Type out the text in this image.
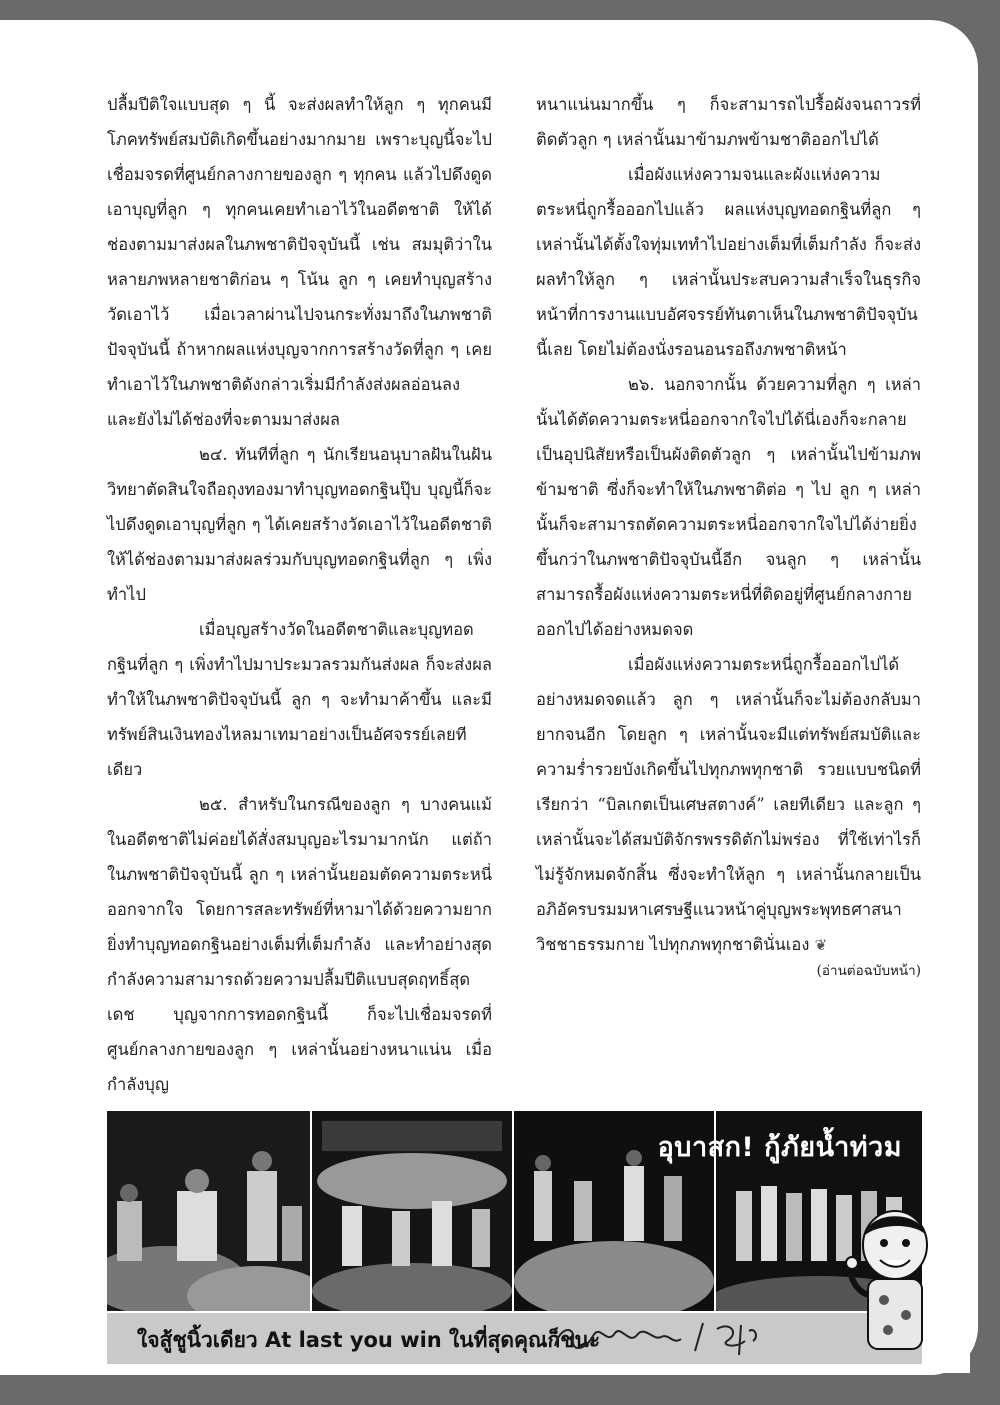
ปลื้มปีติใจแบบสุด ๆ นี้ จะส่งผลทำให้ลูก ๆ ทุกคนมีโภคทรัพย์สมบัติเกิดขึ้นอย่างมากมาย เพราะบุญนี้จะไปเชื่อมจรดที่ศูนย์กลางกายของลูก ๆ ทุกคน แล้วไปดึงดูดเอาบุญที่ลูก ๆ ทุกคนเคยทำเอาไว้ในอดีตชาติ ให้ได้ช่องตามมาส่งผลในภพชาติปัจจุบันนี้ เช่น สมมุติว่าในหลายภพหลายชาติก่อน ๆ โน้น ลูก ๆ เคยทำบุญสร้างวัดเอาไว้ เมื่อเวลาผ่านไปจนกระทั่งมาถึงในภพชาติปัจจุบันนี้ ถ้าหากผลแห่งบุญจากการสร้างวัดที่ลูก ๆ เคยทำเอาไว้ในภพชาติดังกล่าวเริ่มมีกำลังส่งผลอ่อนลง และยังไม่ได้ช่องที่จะตามมาส่งผล

๒๔. ทันทีที่ลูก ๆ นักเรียนอนุบาลฝันในฝันวิทยาตัดสินใจถือถุงทองมาทำบุญทอดกฐินปุ๊บ บุญนี้ก็จะไปดึงดูดเอาบุญที่ลูก ๆ ได้เคยสร้างวัดเอาไว้ในอดีตชาติ ให้ได้ช่องตามมาส่งผลร่วมกับบุญทอดกฐินที่ลูก ๆ เพิ่งทำไป

เมื่อบุญสร้างวัดในอดีตชาติและบุญทอดกฐินที่ลูก ๆ เพิ่งทำไปมาประมวลรวมกันส่งผล ก็จะส่งผลทำให้ในภพชาติปัจจุบันนี้ ลูก ๆ จะทำมาค้าขึ้น และมีทรัพย์สินเงินทองไหลมาเทมาอย่างเป็นอัศจรรย์เลยทีเดียว

๒๕. สำหรับในกรณีของลูก ๆ บางคนแม้ในอดีตชาติไม่ค่อยได้สั่งสมบุญอะไรมามากนัก แต่ถ้าในภพชาติปัจจุบันนี้ ลูก ๆ เหล่านั้นยอมตัดความตระหนี่ออกจากใจ โดยการสละทรัพย์ที่หามาได้ด้วยความยากยิ่งทำบุญทอดกฐินอย่างเต็มที่เต็มกำลัง และทำอย่างสุดกำลังความสามารถด้วยความปลื้มปีติแบบสุดฤทธิ์สุดเดช บุญจากการทอดกฐินนี้ ก็จะไปเชื่อมจรดที่ศูนย์กลางกายของลูก ๆ เหล่านั้นอย่างหนาแน่น เมื่อกำลังบุญ

หนาแน่นมากขึ้น ๆ ก็จะสามารถไปรื้อผังจนถาวรที่ติดตัวลูก ๆ เหล่านั้นมาข้ามภพข้ามชาติออกไปได้

เมื่อผังแห่งความจนและผังแห่งความตระหนี่ถูกรื้อออกไปแล้ว ผลแห่งบุญทอดกฐินที่ลูก ๆ เหล่านั้นได้ตั้งใจทุ่มเททำไปอย่างเต็มที่เต็มกำลัง ก็จะส่งผลทำให้ลูก ๆ เหล่านั้นประสบความสำเร็จในธุรกิจหน้าที่การงานแบบอัศจรรย์ทันตาเห็นในภพชาติปัจจุบันนี้เลย โดยไม่ต้องนั่งรอนอนรอถึงภพชาติหน้า

๒๖. นอกจากนั้น ด้วยความที่ลูก ๆ เหล่านั้นได้ตัดความตระหนี่ออกจากใจไปได้นี่เองก็จะกลายเป็นอุปนิสัยหรือเป็นผังติดตัวลูก ๆ เหล่านั้นไปข้ามภพข้ามชาติ ซึ่งก็จะทำให้ในภพชาติต่อ ๆ ไป ลูก ๆ เหล่านั้นก็จะสามารถตัดความตระหนี่ออกจากใจไปได้ง่ายยิ่งขึ้นกว่าในภพชาติปัจจุบันนี้อีก จนลูก ๆ เหล่านั้นสามารถรื้อผังแห่งความตระหนี่ที่ติดอยู่ที่ศูนย์กลางกายออกไปได้อย่างหมดจด

เมื่อผังแห่งความตระหนี่ถูกรื้อออกไปได้อย่างหมดจดแล้ว ลูก ๆ เหล่านั้นก็จะไม่ต้องกลับมายากจนอีก โดยลูก ๆ เหล่านั้นจะมีแต่ทรัพย์สมบัติและความร่ำรวยบังเกิดขึ้นไปทุกภพทุกชาติ รวยแบบชนิดที่เรียกว่า “บิลเกตเป็นเศษสตางค์” เลยทีเดียว และลูก ๆ เหล่านั้นจะได้สมบัติจักรพรรดิตักไม่พร่อง ที่ใช้เท่าไรก็ไม่รู้จักหมดจักสิ้น ซึ่งจะทำให้ลูก ๆ เหล่านั้นกลายเป็นอภิอัครบรมมหาเศรษฐีแนวหน้าคู่บุญพระพุทธศาสนา วิชชาธรรมกาย ไปทุกภพทุกชาตินั่นเอง ❦

(อ่านต่อฉบับหน้า)
อุบาสก! กู้ภัยน้ำท่วม
ใจสู้ชูนิ้วเดียว At last you win ในที่สุดคุณก็ชนะ
